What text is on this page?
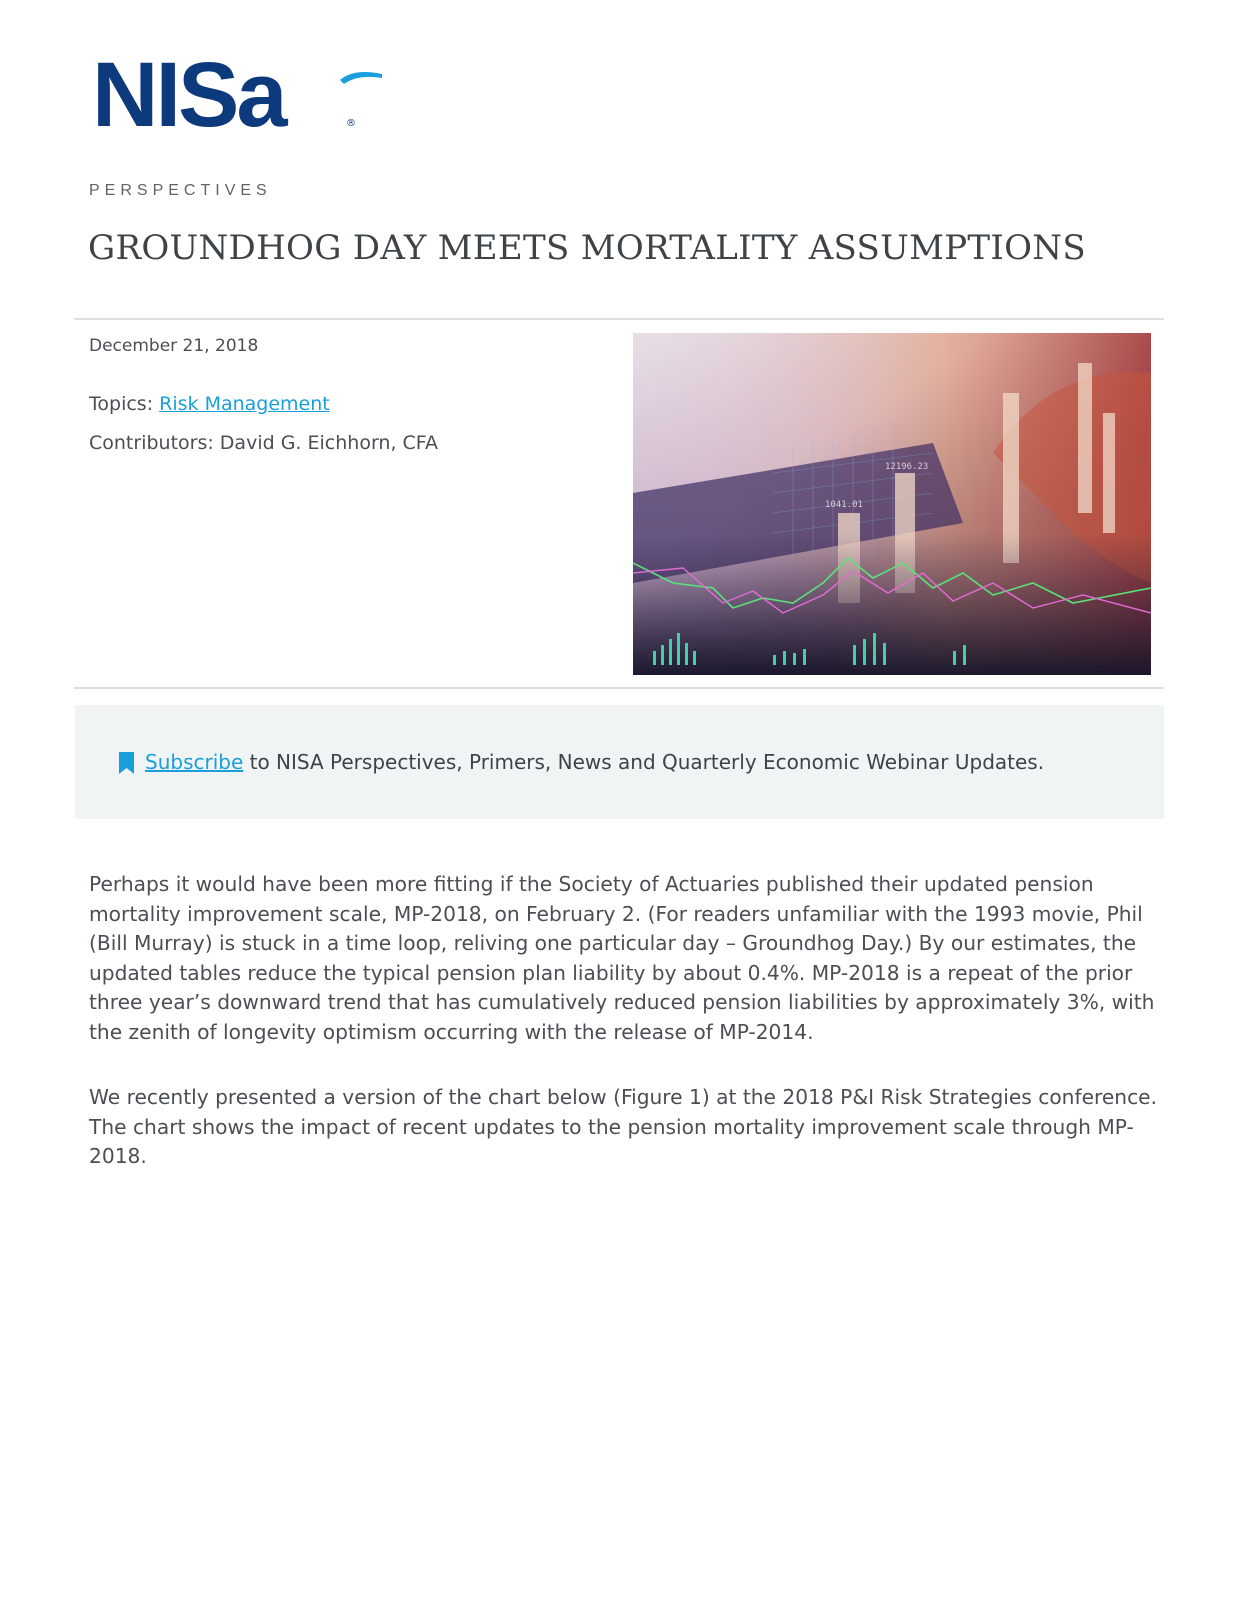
NISa	®
PERSPECTIVES
GROUNDHOG DAY MEETS MORTALITY ASSUMPTIONS
December 21, 2018
Topics: Risk Management
Contributors: David G. Eichhorn, CFA
12196.23
1041.01
Subscribe to NISA Perspectives, Primers, News and Quarterly Economic Webinar Updates.

Perhaps it would have been more fitting if the Society of Actuaries published their updated pension mortality improvement scale, MP-2018, on February 2. (For readers unfamiliar with the 1993 movie, Phil (Bill Murray) is stuck in a time loop, reliving one particular day – Groundhog Day.) By our estimates, the updated tables reduce the typical pension plan liability by about 0.4%. MP-2018 is a repeat of the prior three year’s downward trend that has cumulatively reduced pension liabilities by approximately 3%, with the zenith of longevity optimism occurring with the release of MP-2014.

We recently presented a version of the chart below (Figure 1) at the 2018 P&I Risk Strategies conference. The chart shows the impact of recent updates to the pension mortality improvement scale through MP-2018.
